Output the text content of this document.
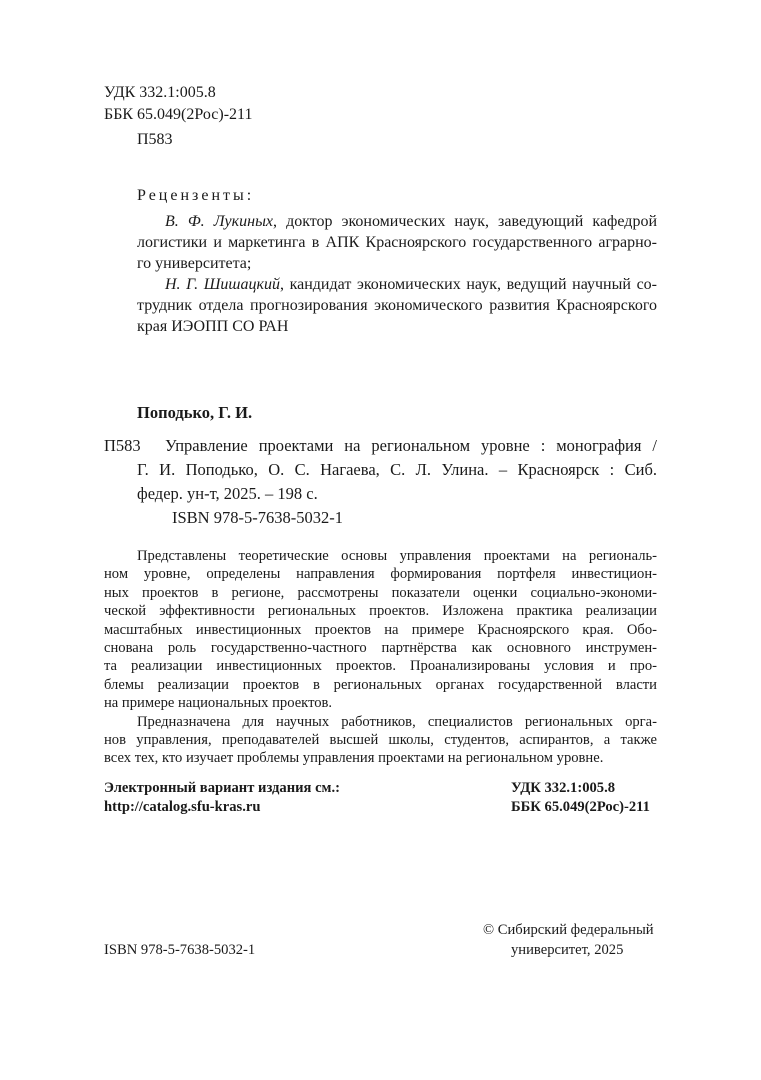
УДК 332.1:005.8
ББК 65.049(2Рос)-211
П583
Рецензенты:
В. Ф. Лукиных, доктор экономических наук, заведующий кафедрой
логистики и маркетинга в АПК Красноярского государственного аграрно-
го университета;
Н. Г. Шишацкий, кандидат экономических наук, ведущий научный со-
трудник отдела прогнозирования экономического развития Красноярского
края ИЭОПП СО РАН
Поподько, Г. И.
П583	Управление проектами на региональном уровне : монография /
Г. И. Поподько, О. С. Нагаева, С. Л. Улина. – Красноярск : Сиб.
федер. ун-т, 2025. – 198 с.
ISBN 978-5-7638-5032-1
Представлены теоретические основы управления проектами на региональ-
ном уровне, определены направления формирования портфеля инвестицион-
ных проектов в регионе, рассмотрены показатели оценки социально-экономи-
ческой эффективности региональных проектов. Изложена практика реализации
масштабных инвестиционных проектов на примере Красноярского края. Обо-
снована роль государственно-частного партнёрства как основного инструмен-
та реализации инвестиционных проектов. Проанализированы условия и про-
блемы реализации проектов в региональных органах государственной власти
на примере национальных проектов.
Предназначена для научных работников, специалистов региональных орга-
нов управления, преподавателей высшей школы, студентов, аспирантов, а также
всех тех, кто изучает проблемы управления проектами на региональном уровне.
Электронный вариант издания см.:
http://catalog.sfu-kras.ru
УДК 332.1:005.8
ББК 65.049(2Рос)-211
ISBN 978-5-7638-5032-1
© Сибирский федеральный
университет, 2025
